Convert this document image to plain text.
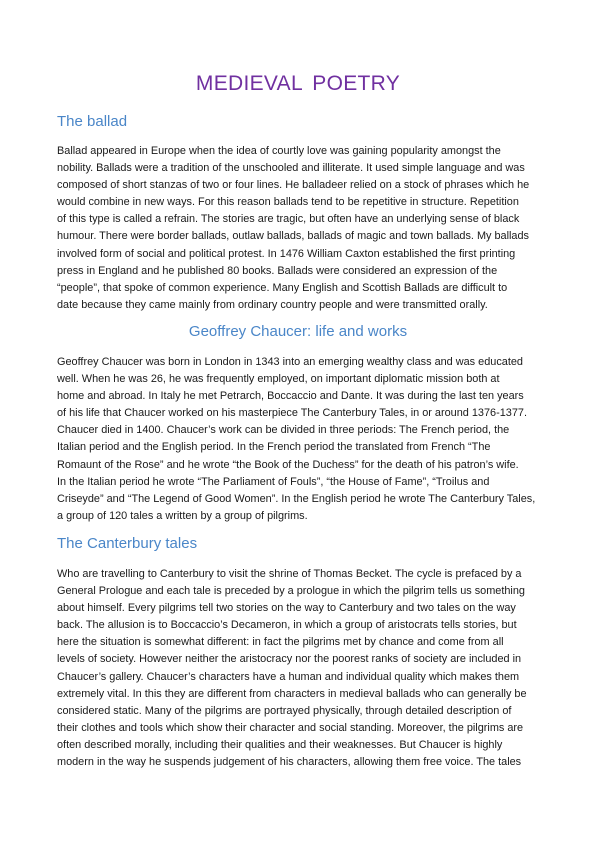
MEDIEVAL POETRY
The ballad
Ballad appeared in Europe when the idea of courtly love was gaining popularity amongst the
nobility. Ballads were a tradition of the unschooled and illiterate. It used simple language and was
composed of short stanzas of two or four lines. He balladeer relied on a stock of phrases which he
would combine in new ways. For this reason ballads tend to be repetitive in structure. Repetition
of this type is called a refrain. The stories are tragic, but often have an underlying sense of black
humour. There were border ballads, outlaw ballads, ballads of magic and town ballads. My ballads
involved form of social and political protest. In 1476 William Caxton established the first printing
press in England and he published 80 books. Ballads were considered an expression of the
“people”, that spoke of common experience. Many English and Scottish Ballads are difficult to
date because they came mainly from ordinary country people and were transmitted orally.
Geoffrey Chaucer: life and works
Geoffrey Chaucer was born in London in 1343 into an emerging wealthy class and was educated
well. When he was 26, he was frequently employed, on important diplomatic mission both at
home and abroad. In Italy he met Petrarch, Boccaccio and Dante. It was during the last ten years
of his life that Chaucer worked on his masterpiece The Canterbury Tales, in or around 1376-1377.
Chaucer died in 1400. Chaucer’s work can be divided in three periods: The French period, the
Italian period and the English period. In the French period the translated from French “The
Romaunt of the Rose” and he wrote “the Book of the Duchess” for the death of his patron’s wife.
In the Italian period he wrote “The Parliament of Fouls”, “the House of Fame”, “Troilus and
Criseyde” and “The Legend of Good Women”. In the English period he wrote The Canterbury Tales,
a group of 120 tales a written by a group of pilgrims.
The Canterbury tales
Who are travelling to Canterbury to visit the shrine of Thomas Becket. The cycle is prefaced by a
General Prologue and each tale is preceded by a prologue in which the pilgrim tells us something
about himself. Every pilgrims tell two stories on the way to Canterbury and two tales on the way
back. The allusion is to Boccaccio’s Decameron, in which a group of aristocrats tells stories, but
here the situation is somewhat different: in fact the pilgrims met by chance and come from all
levels of society. However neither the aristocracy nor the poorest ranks of society are included in
Chaucer’s gallery. Chaucer’s characters have a human and individual quality which makes them
extremely vital. In this they are different from characters in medieval ballads who can generally be
considered static. Many of the pilgrims are portrayed physically, through detailed description of
their clothes and tools which show their character and social standing. Moreover, the pilgrims are
often described morally, including their qualities and their weaknesses. But Chaucer is highly
modern in the way he suspends judgement of his characters, allowing them free voice. The tales
